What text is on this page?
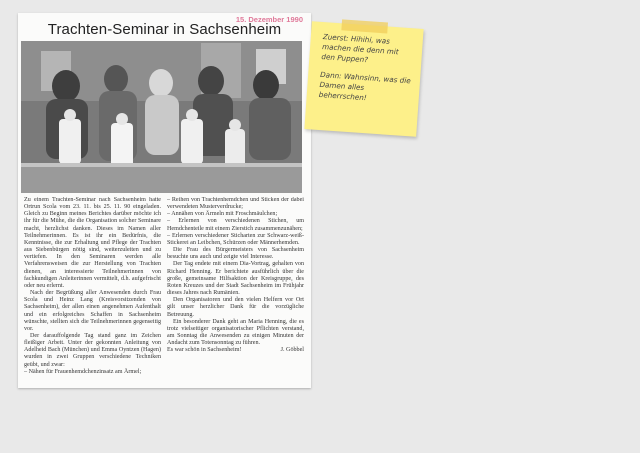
15. Dezember 1990
Trachten-Seminar in Sachsenheim

Zu einem Trachten-Seminar nach Sachsenheim hatte Ortrun Scola vom 23. 11. bis 25. 11. 90 eingeladen. Gleich zu Beginn meines Berichtes darüber möchte ich ihr für die Mühe, die die Organisation solcher Seminare macht, herzlichst danken. Dieses im Namen aller Teilnehmerinnen. Es ist ihr ein Bedürfnis, die Kenntnisse, die zur Erhaltung und Pflege der Trachten aus Siebenbürgen nötig sind, weiterzuleiten und zu vertiefen. In den Seminaren werden alle Verfahrensweisen die zur Herstellung von Trachten dienen, an interessierte Teilnehmerinnen von fachkundigen Anleiterinnen vermittelt, d.h. aufgefrischt oder neu erlernt.

Nach der Begrüßung aller Anwesenden durch Frau Scola und Heinz Lang (Kreisvorsitzenden von Sachsenheim), der allen einen angenehmen Aufenthalt und ein erfolgreiches Schaffen in Sachsenheim wünschte, stellten sich die Teilnehmerinnen gegenseitig vor.

Der darauffolgende Tag stand ganz im Zeichen fleißiger Arbeit. Unter der gekonnten Anleitung von Adelheid Bach (München) und Emma Oyntzen (Hagen) wurden in zwei Gruppen verschiedene Techniken geübt, und zwar:

– Nähen für Frauenhemdchenzinsatz am Ärmel;

– Reihen von Trachtenhemdchen und Sticken der dabei verwendeten Musterverdrucke;

– Annähen von Ärmeln mit Froschmäulchen;

– Erlernen von verschiedenen Stichen, um Hemdchenteile mit einem Zierstich zusammenzunähen;

– Erlernen verschiedener Sticharten zur Schwarz-weiß-Stickerei an Leibchen, Schürzen oder Männerhemden.

Die Frau des Bürgermeisters von Sachsenheim besuchte uns auch und zeigte viel Interesse.

Der Tag endete mit einem Dia-Vortrag, gehalten von Richard Henning. Er berichtete ausführlich über die große, gemeinsame Hilfsaktion der Kreisgruppe, des Roten Kreuzes und der Stadt Sachsenheim im Frühjahr dieses Jahres nach Rumänien.

Den Organisatoren und den vielen Helfern vor Ort gilt unser herzlicher Dank für die vorzügliche Betreuung.

Ein besonderer Dank geht an Maria Henning, die es trotz vielseitiger organisatorischer Pflichten verstand, am Sonntag die Anwesenden zu einigen Minuten der Andacht zum Totensonntag zu führen.

Es war schön in Sachsenheim!	J. Göbbel

Zuerst: Hihihi, was machen die denn mit den Puppen?

Dann: Wahnsinn, was die Damen alles beherrschen!
